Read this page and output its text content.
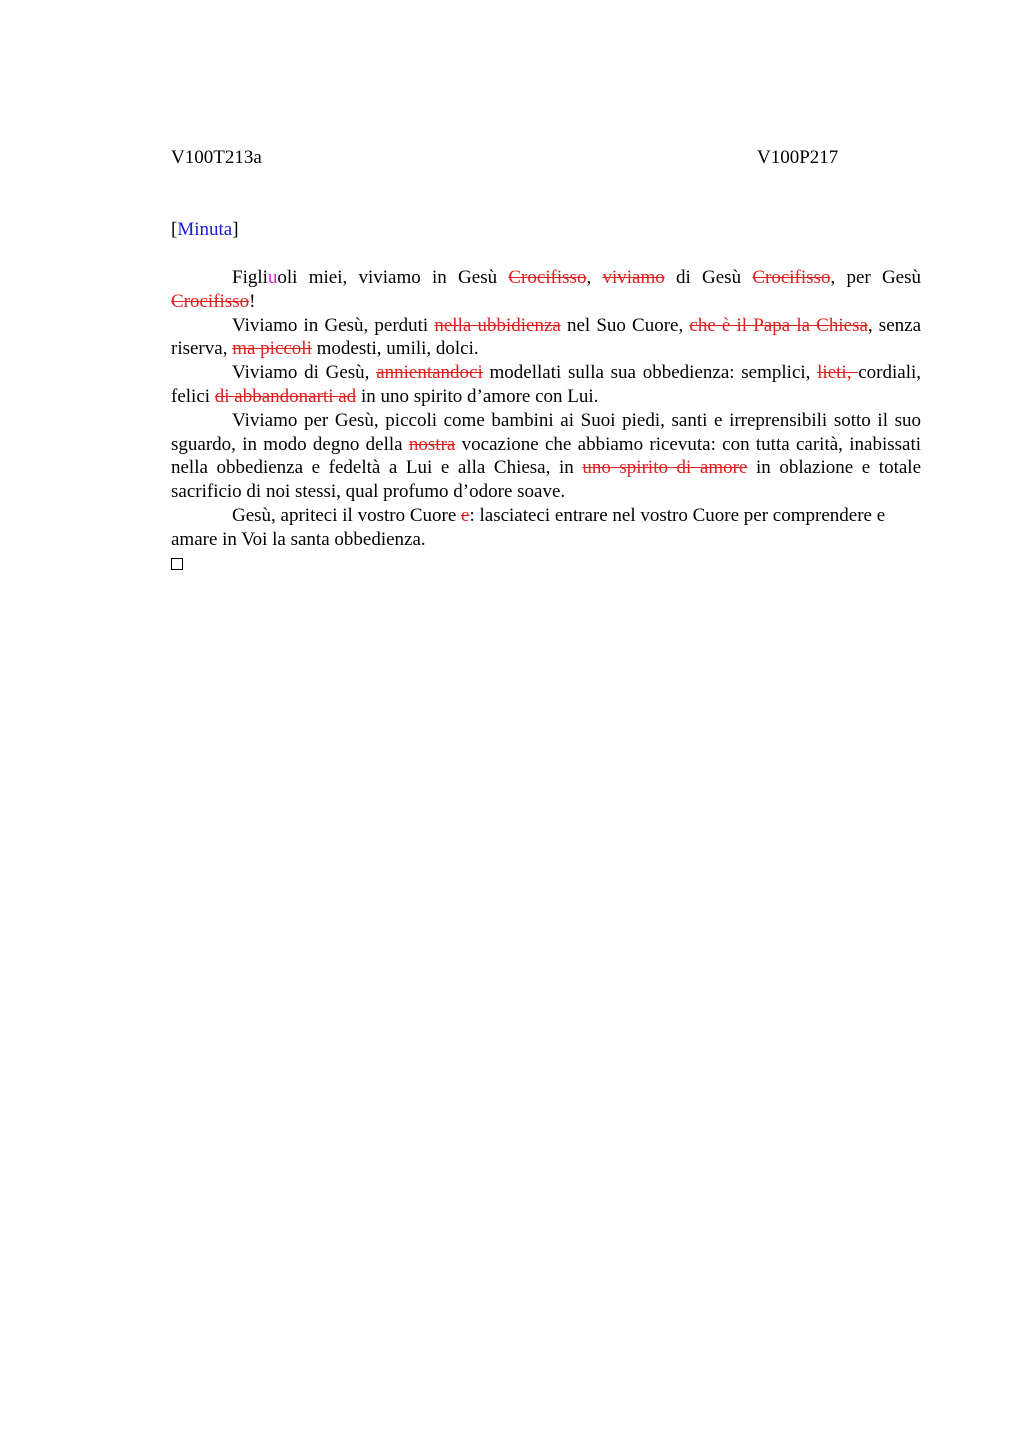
V100T213a	V100P217
[Minuta]

Figliuoli miei, viviamo in Gesù Crocifisso, viviamo di Gesù Crocifisso, per Gesù Crocifisso!

Viviamo in Gesù, perduti nella ubbidienza nel Suo Cuore, che è il Papa la Chiesa, senza riserva, ma piccoli modesti, umili, dolci.

Viviamo di Gesù, annientandoci modellati sulla sua obbedienza: semplici, lieti, cordiali, felici di abbandonarti ad in uno spirito d’amore con Lui.

Viviamo per Gesù, piccoli come bambini ai Suoi piedi, santi e irreprensibili sotto il suo sguardo, in modo degno della nostra vocazione che abbiamo ricevuta: con tutta carità, inabissati nella obbedienza e fedeltà a Lui e alla Chiesa, in uno spirito di amore in oblazione e totale sacrificio di noi stessi, qual profumo d’odore soave.

Gesù, apriteci il vostro Cuore e: lasciateci entrare nel vostro Cuore per comprendere e amare in Voi la santa obbedienza.
